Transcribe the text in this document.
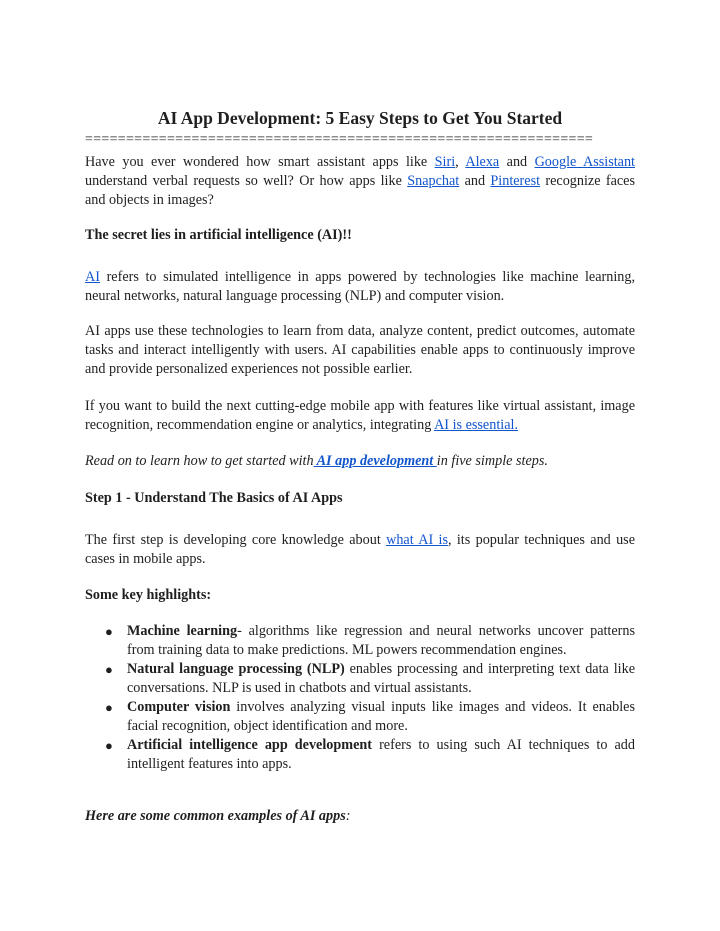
AI App Development: 5 Easy Steps to Get You Started
==============================================================

Have you ever wondered how smart assistant apps like Siri, Alexa and Google Assistant understand verbal requests so well? Or how apps like Snapchat and Pinterest recognize faces and objects in images?

The secret lies in artificial intelligence (AI)!!

AI refers to simulated intelligence in apps powered by technologies like machine learning, neural networks, natural language processing (NLP) and computer vision.

AI apps use these technologies to learn from data, analyze content, predict outcomes, automate tasks and interact intelligently with users. AI capabilities enable apps to continuously improve and provide personalized experiences not possible earlier.

If you want to build the next cutting-edge mobile app with features like virtual assistant, image recognition, recommendation engine or analytics, integrating AI is essential.

Read on to learn how to get started with AI app development in five simple steps.

Step 1 - Understand The Basics of AI Apps

The first step is developing core knowledge about what AI is, its popular techniques and use cases in mobile apps.

Some key highlights:

● Machine learning- algorithms like regression and neural networks uncover patterns from training data to make predictions. ML powers recommendation engines.
● Natural language processing (NLP) enables processing and interpreting text data like conversations. NLP is used in chatbots and virtual assistants.
● Computer vision involves analyzing visual inputs like images and videos. It enables facial recognition, object identification and more.
● Artificial intelligence app development refers to using such AI techniques to add intelligent features into apps.

Here are some common examples of AI apps:
